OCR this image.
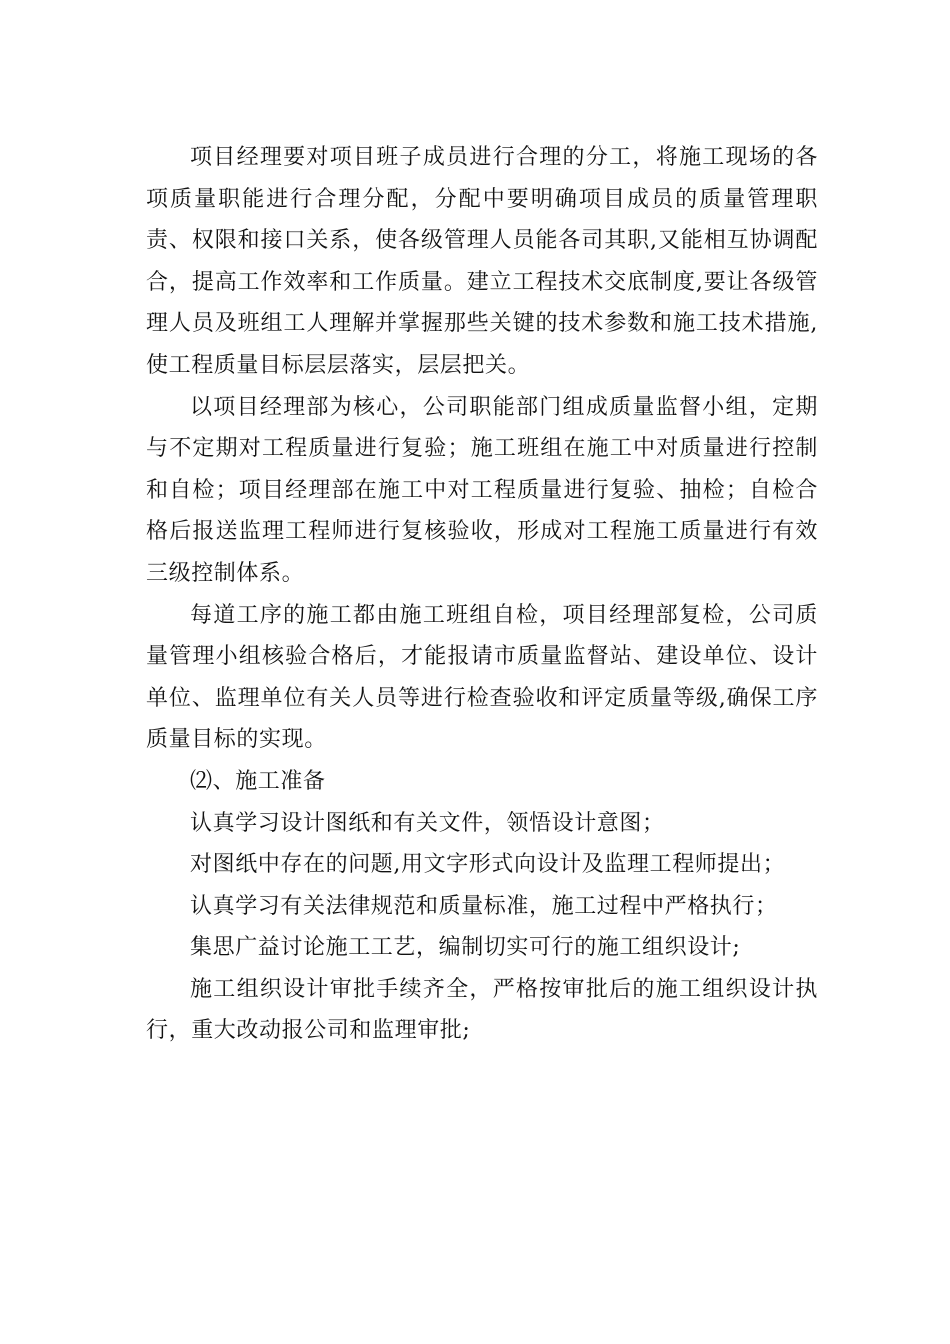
项目经理要对项目班子成员进行合理的分工，将施工现场的各项质量职能进行合理分配，分配中要明确项目成员的质量管理职责、权限和接口关系，使各级管理人员能各司其职,又能相互协调配合，提高工作效率和工作质量。建立工程技术交底制度,要让各级管理人员及班组工人理解并掌握那些关键的技术参数和施工技术措施,使工程质量目标层层落实，层层把关。

以项目经理部为核心，公司职能部门组成质量监督小组，定期与不定期对工程质量进行复验；施工班组在施工中对质量进行控制和自检；项目经理部在施工中对工程质量进行复验、抽检；自检合格后报送监理工程师进行复核验收，形成对工程施工质量进行有效三级控制体系。

每道工序的施工都由施工班组自检，项目经理部复检，公司质量管理小组核验合格后，才能报请市质量监督站、建设单位、设计单位、监理单位有关人员等进行检查验收和评定质量等级,确保工序质量目标的实现。

⑵、施工准备

认真学习设计图纸和有关文件，领悟设计意图；

对图纸中存在的问题,用文字形式向设计及监理工程师提出；

认真学习有关法律规范和质量标准，施工过程中严格执行；

集思广益讨论施工工艺，编制切实可行的施工组织设计;

施工组织设计审批手续齐全，严格按审批后的施工组织设计执行，重大改动报公司和监理审批;
